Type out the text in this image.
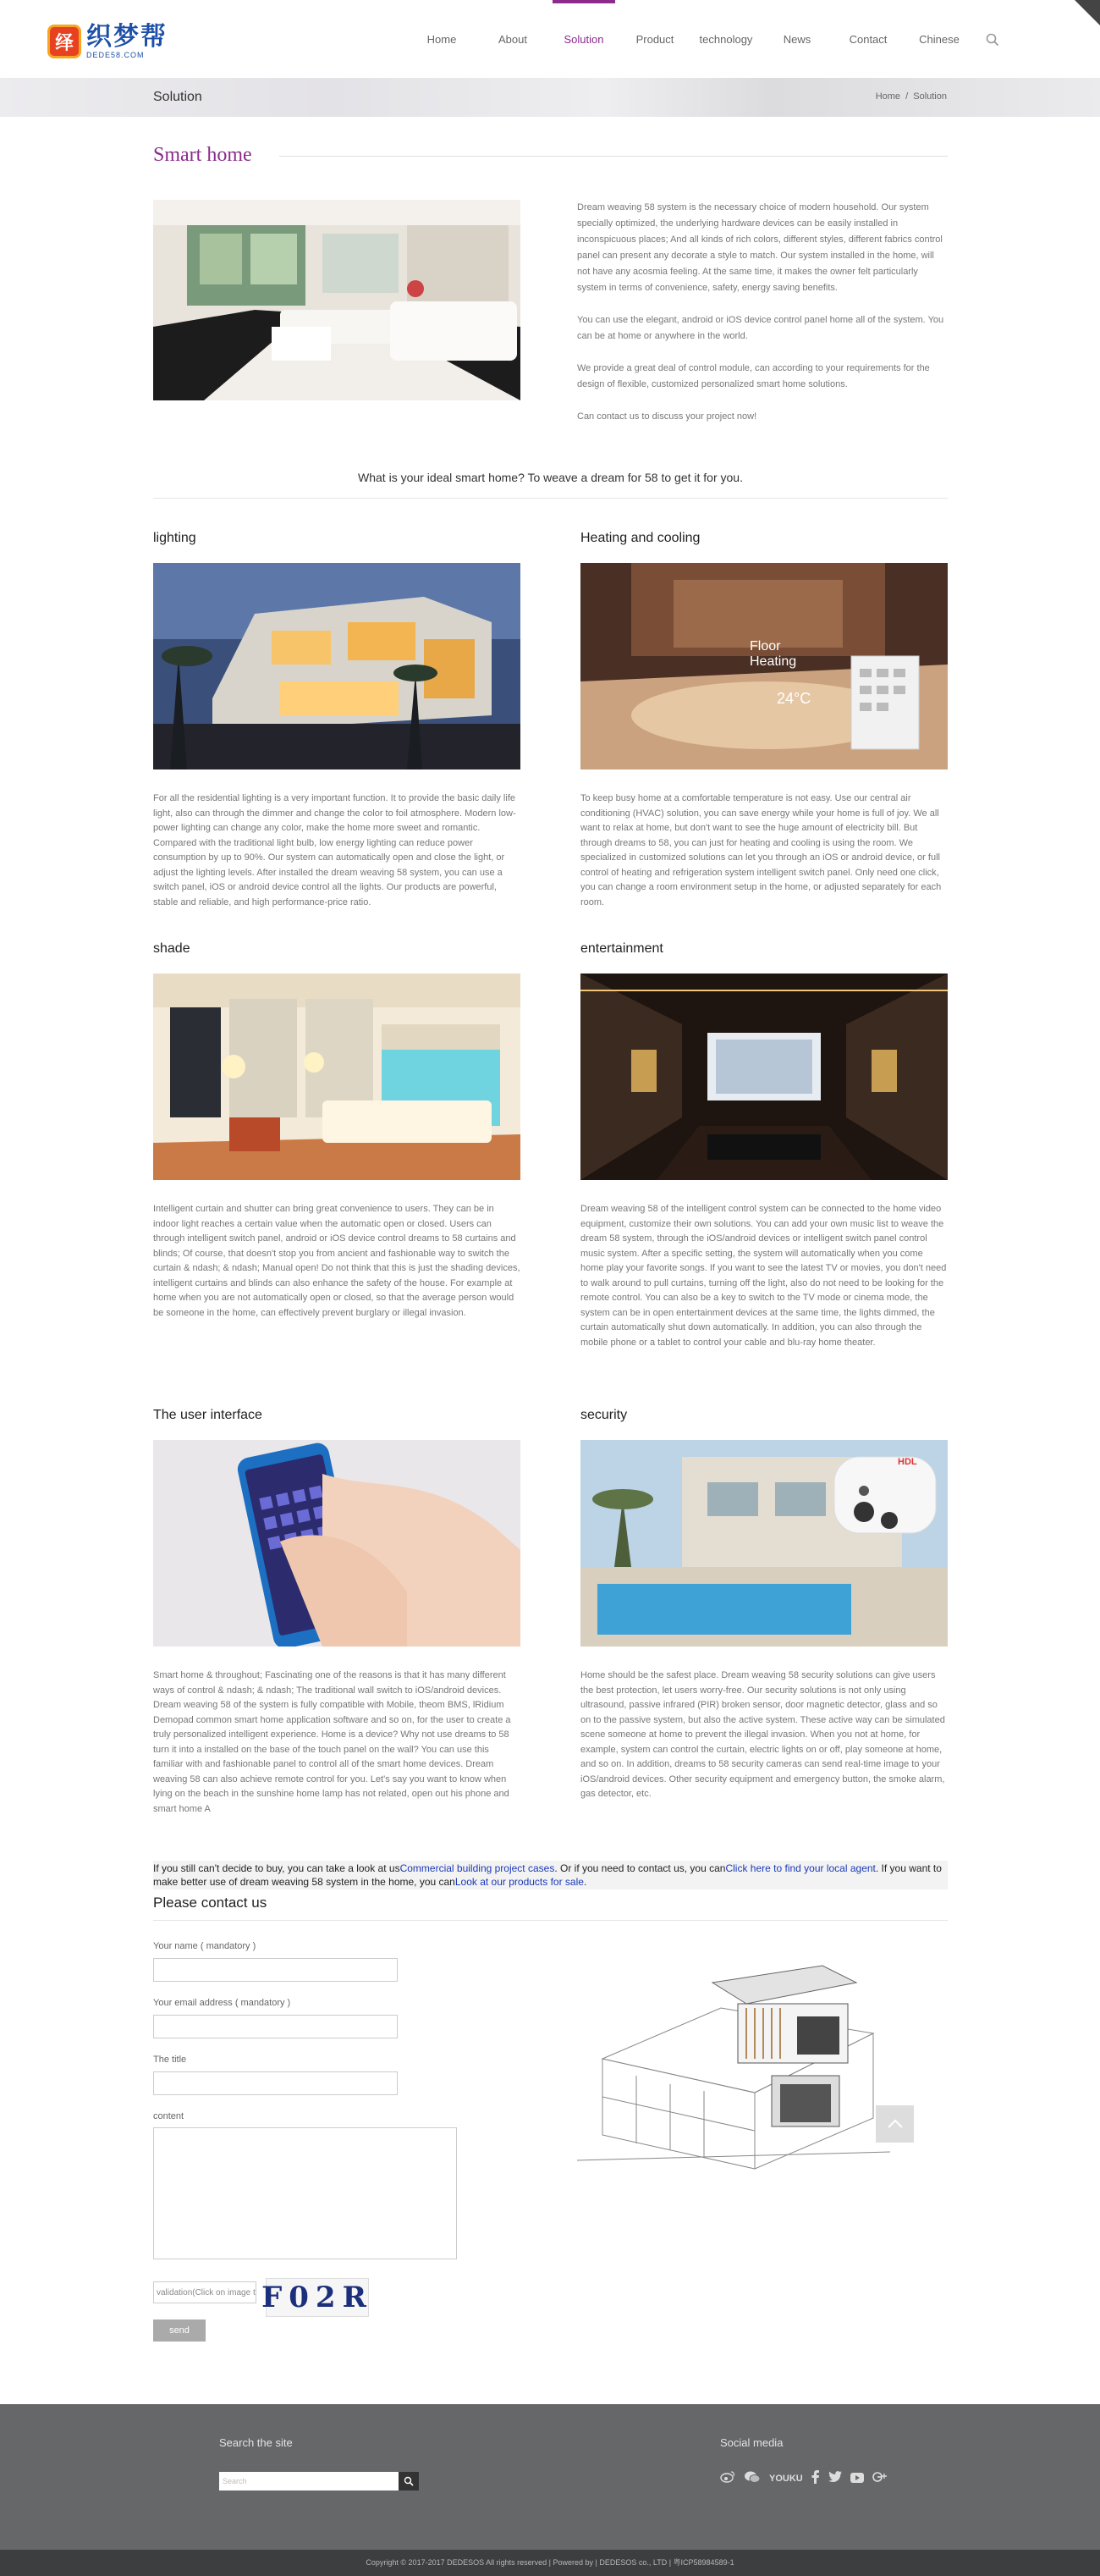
绎 织梦帮
DEDE58.COM
Home	About	Solution	Product	technology	News	Contact	Chinese
Solution	Home / Solution
Smart home

Dream weaving 58 system is the necessary choice of modern household. Our system specially optimized, the underlying hardware devices can be easily installed in inconspicuous places; And all kinds of rich colors, different styles, different fabrics control panel can present any decorate a style to match. Our system installed in the home, will not have any acosmia feeling. At the same time, it makes the owner felt particularly system in terms of convenience, safety, energy saving benefits.

You can use the elegant, android or iOS device control panel home all of the system. You can be at home or anywhere in the world.

We provide a great deal of control module, can according to your requirements for the design of flexible, customized personalized smart home solutions.

Can contact us to discuss your project now!

What is your ideal smart home? To weave a dream for 58 to get it for you.
lighting

For all the residential lighting is a very important function. It to provide the basic daily life light, also can through the dimmer and change the color to foil atmosphere. Modern low-power lighting can change any color, make the home more sweet and romantic. Compared with the traditional light bulb, low energy lighting can reduce power consumption by up to 90%. Our system can automatically open and close the light, or adjust the lighting levels. After installed the dream weaving 58 system, you can use a switch panel, iOS or android device control all the lights. Our products are powerful, stable and reliable, and high performance-price ratio.

Heating and cooling
Floor
Heating
24°C

To keep busy home at a comfortable temperature is not easy. Use our central air conditioning (HVAC) solution, you can save energy while your home is full of joy. We all want to relax at home, but don't want to see the huge amount of electricity bill. But through dreams to 58, you can just for heating and cooling is using the room. We specialized in customized solutions can let you through an iOS or android device, or full control of heating and refrigeration system intelligent switch panel. Only need one click, you can change a room environment setup in the home, or adjusted separately for each room.

shade

Intelligent curtain and shutter can bring great convenience to users. They can be in indoor light reaches a certain value when the automatic open or closed. Users can through intelligent switch panel, android or iOS device control dreams to 58 curtains and blinds; Of course, that doesn't stop you from ancient and fashionable way to switch the curtain & ndash; & ndash; Manual open! Do not think that this is just the shading devices, intelligent curtains and blinds can also enhance the safety of the house. For example at home when you are not automatically open or closed, so that the average person would be someone in the home, can effectively prevent burglary or illegal invasion.

entertainment

Dream weaving 58 of the intelligent control system can be connected to the home video equipment, customize their own solutions. You can add your own music list to weave the dream 58 system, through the iOS/android devices or intelligent switch panel control music system. After a specific setting, the system will automatically when you come home play your favorite songs. If you want to see the latest TV or movies, you don't need to walk around to pull curtains, turning off the light, also do not need to be looking for the remote control. You can also be a key to switch to the TV mode or cinema mode, the system can be in open entertainment devices at the same time, the lights dimmed, the curtain automatically shut down automatically. In addition, you can also through the mobile phone or a tablet to control your cable and blu-ray home theater.

The user interface

Smart home & throughout; Fascinating one of the reasons is that it has many different ways of control & ndash; & ndash; The traditional wall switch to iOS/android devices. Dream weaving 58 of the system is fully compatible with Mobile, theom BMS, lRidium Demopad common smart home application software and so on, for the user to create a truly personalized intelligent experience. Home is a device? Why not use dreams to 58 turn it into a installed on the base of the touch panel on the wall? You can use this familiar with and fashionable panel to control all of the smart home devices. Dream weaving 58 can also achieve remote control for you. Let's say you want to know when lying on the beach in the sunshine home lamp has not related, open out his phone and smart home A

security
HDL

Home should be the safest place. Dream weaving 58 security solutions can give users the best protection, let users worry-free. Our security solutions is not only using ultrasound, passive infrared (PIR) broken sensor, door magnetic detector, glass and so on to the passive system, but also the active system. These active way can be simulated scene someone at home to prevent the illegal invasion. When you not at home, for example, system can control the curtain, electric lights on or off, play someone at home, and so on. In addition, dreams to 58 security cameras can send real-time image to your iOS/android devices. Other security equipment and emergency button, the smoke alarm, gas detector, etc.

If you still can't decide to buy, you can take a look at usCommercial building project cases. Or if you need to contact us, you canClick here to find your local agent. If you want to make better use of dream weaving 58 system in the home, you canLook at our products for sale.
Please contact us
Your name ( mandatory )
Your email address ( mandatory )
The title
content
validation(Click on image t F02R
send
Search the site
Search
Social media
YOUKU
Copyright © 2017-2017 DEDESOS All rights reserved | Powered by | DEDESOS co., LTD | 粤ICP58984589-1
